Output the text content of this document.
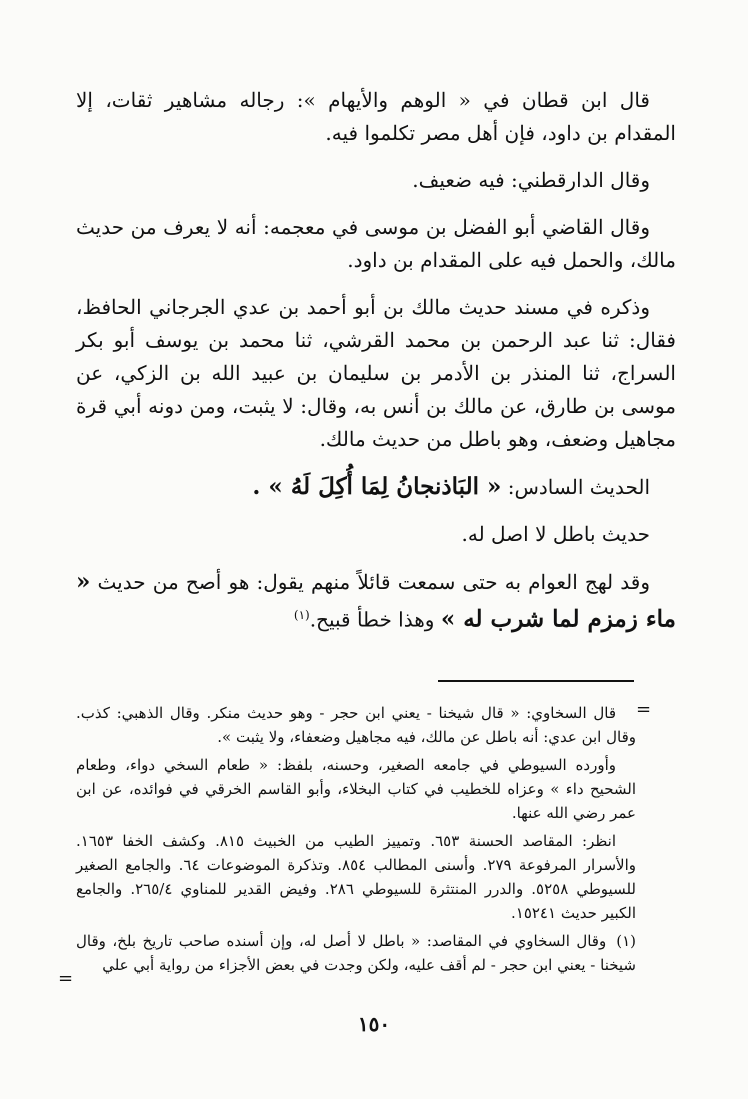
قال ابن قطان في « الوهم والأيهام »: رجاله مشاهير ثقات، إلا المقدام بن داود، فإن أهل مصر تكلموا فيه.

وقال الدارقطني: فيه ضعيف.

وقال القاضي أبو الفضل بن موسى في معجمه: أنه لا يعرف من حديث مالك، والحمل فيه على المقدام بن داود.

وذكره في مسند حديث مالك بن أبو أحمد بن عدي الجرجاني الحافظ، فقال: ثنا عبد الرحمن بن محمد القرشي، ثنا محمد بن يوسف أبو بكر السراج، ثنا المنذر بن الأدمر بن سليمان بن عبيد الله بن الزكي، عن موسى بن طارق، عن مالك بن أنس به، وقال: لا يثبت، ومن دونه أبي قرة مجاهيل وضعف، وهو باطل من حديث مالك.

الحديث السادس: « البَاذنجانُ لِمَا أُكِلَ لَهُ » .

حديث باطل لا اصل له.

وقد لهج العوام به حتى سمعت قائلاً منهم يقول: هو أصح من حديث « ماء زمزم لما شرب له » وهذا خطأ قبيح.$^{(١)}$

=

قال السخاوي: « قال شيخنا - يعني ابن حجر - وهو حديث منكر. وقال الذهبي: كذب. وقال ابن عدي: أنه باطل عن مالك، فيه مجاهيل وضعفاء، ولا يثبت ».

وأورده السيوطي في جامعه الصغير، وحسنه، بلفظ: « طعام السخي دواء، وطعام الشحيح داء » وعزاه للخطيب في كتاب البخلاء، وأبو القاسم الخرقي في فوائده، عن ابن عمر رضي الله عنها.

انظر: المقاصد الحسنة ٦٥٣. وتمييز الطيب من الخبيث ٨١٥. وكشف الخفا ١٦٥٣. والأسرار المرفوعة ٢٧٩. وأسنى المطالب ٨٥٤. وتذكرة الموضوعات ٦٤. والجامع الصغير للسيوطي ٥٢٥٨. والدرر المنتثرة للسيوطي ٢٨٦. وفيض القدير للمناوي ٢٦٥/٤. والجامع الكبير حديث ١٥٢٤١.

(١)وقال السخاوي في المقاصد: « باطل لا أصل له، وإن أسنده صاحب تاريخ بلخ، وقال شيخنا - يعني ابن حجر - لم أقف عليه، ولكن وجدت في بعض الأجزاء من رواية أبي علي

=
١٥٠
